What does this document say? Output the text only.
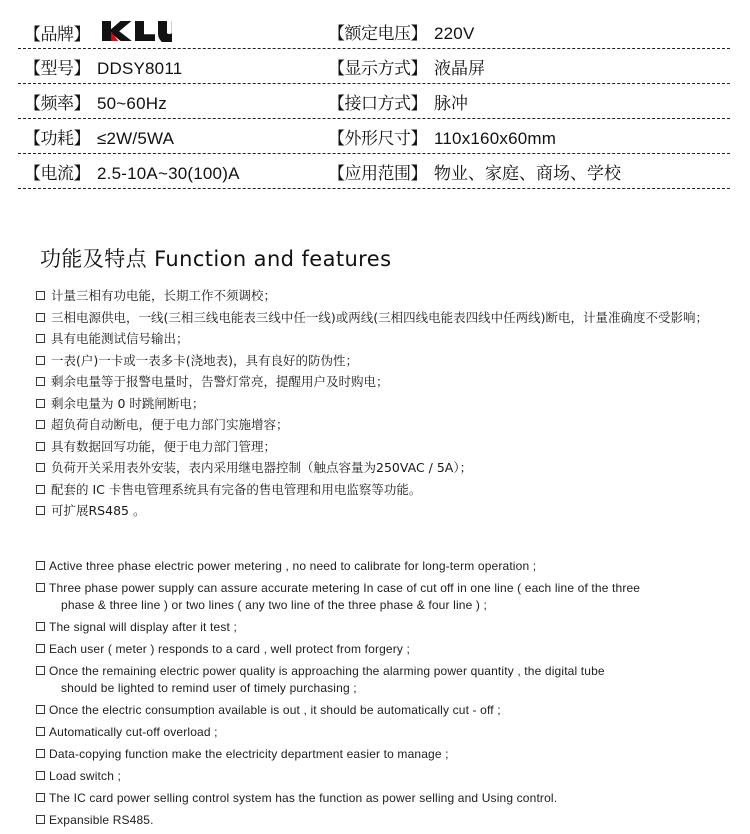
【品牌】	【额定电压】 220V
【型号】 DDSY8011	【显示方式】 液晶屏
【频率】 50~60Hz	【接口方式】 脉冲
【功耗】 ≤2W/5WA	【外形尺寸】 110x160x60mm
【电流】 2.5-10A~30(100)A	【应用范围】 物业、家庭、商场、学校
功能及特点 Function and features
计量三相有功电能，长期工作不须调校；
三相电源供电，一线(三相三线电能表三线中任一线)或两线(三相四线电能表四线中任两线)断电，计量准确度不受影响；
具有电能测试信号输出；
一表(户)一卡或一表多卡(浇地表)，具有良好的防伪性；
剩余电量等于报警电量时，告警灯常亮，提醒用户及时购电；
剩余电量为 0 时跳闸断电；
超负荷自动断电，便于电力部门实施增容；
具有数据回写功能，便于电力部门管理；
负荷开关采用表外安装，表内采用继电器控制（触点容量为250VAC / 5A）；
配套的 IC 卡售电管理系统具有完备的售电管理和用电监察等功能。
可扩展RS485 。
Active three phase electric power metering , no need to calibrate for long-term operation ;
Three phase power supply can assure accurate metering In case of cut off in one line ( each line of the three
phase & three line ) or two lines ( any two line of the three phase & four line ) ;
The signal will display after it test ;
Each user ( meter ) responds to a card , well protect from forgery ;
Once the remaining electric power quality is approaching the alarming power quantity , the digital tube
should be lighted to remind user of timely purchasing ;
Once the electric consumption available is out , it should be automatically cut - off ;
Automatically cut-off overload ;
Data-copying function make the electricity department easier to manage ;
Load switch ;
The IC card power selling control system has the function as power selling and Using control.
Expansible RS485.
